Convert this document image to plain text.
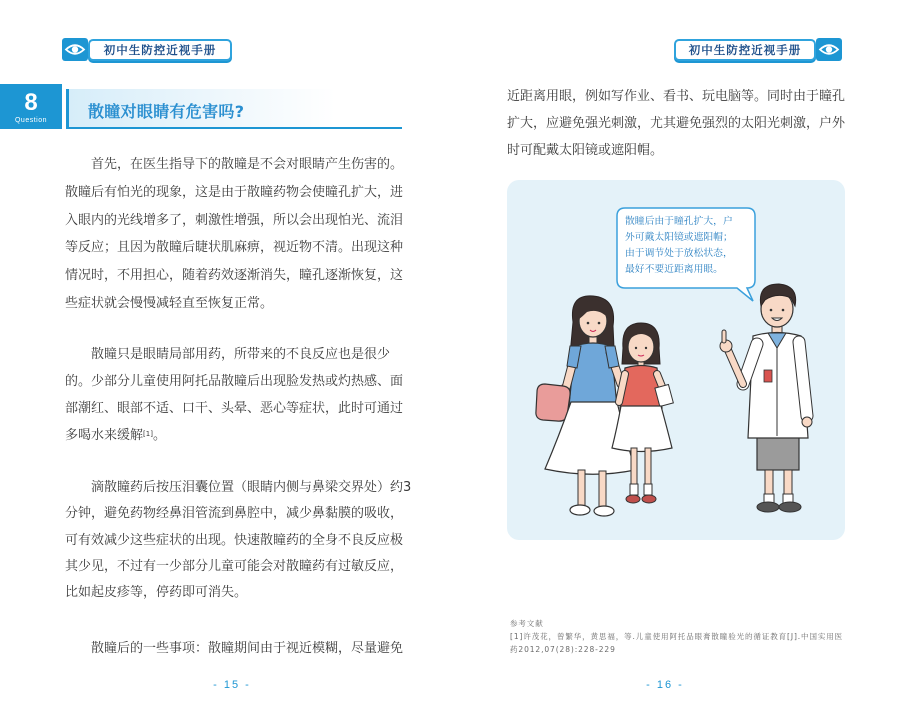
初中生防控近视手册
8
Question	散瞳对眼睛有危害吗?
首先，在医生指导下的散瞳是不会对眼睛产生伤害的。
散瞳后有怕光的现象，这是由于散瞳药物会使瞳孔扩大，进
入眼内的光线增多了，刺激性增强，所以会出现怕光、流泪
等反应；且因为散瞳后睫状肌麻痹，视近物不清。出现这种
情况时，不用担心，随着药效逐渐消失，瞳孔逐渐恢复，这
些症状就会慢慢减轻直至恢复正常。
散瞳只是眼睛局部用药，所带来的不良反应也是很少
的。少部分儿童使用阿托品散瞳后出现脸发热或灼热感、面
部潮红、眼部不适、口干、头晕、恶心等症状，此时可通过
多喝水来缓解[1]。
滴散瞳药后按压泪囊位置（眼睛内侧与鼻梁交界处）约3
分钟，避免药物经鼻泪管流到鼻腔中，减少鼻黏膜的吸收，
可有效减少这些症状的出现。快速散瞳药的全身不良反应极
其少见，不过有一少部分儿童可能会对散瞳药有过敏反应，
比如起皮疹等，停药即可消失。
散瞳后的一些事项：散瞳期间由于视近模糊，尽量避免
- 15 -
初中生防控近视手册
近距离用眼，例如写作业、看书、玩电脑等。同时由于瞳孔
扩大，应避免强光刺激，尤其避免强烈的太阳光刺激，户外
时可配戴太阳镜或遮阳帽。
散瞳后由于瞳孔扩大，户
外可戴太阳镜或遮阳帽；
由于调节处于放松状态，
最好不要近距离用眼。
参考文献
[1]许茂花，曾繁华，黄思福，等.儿童使用阿托品眼膏散瞳验光的循证教育[J].中国实用医
药2012,07(28):228-229
- 16 -
